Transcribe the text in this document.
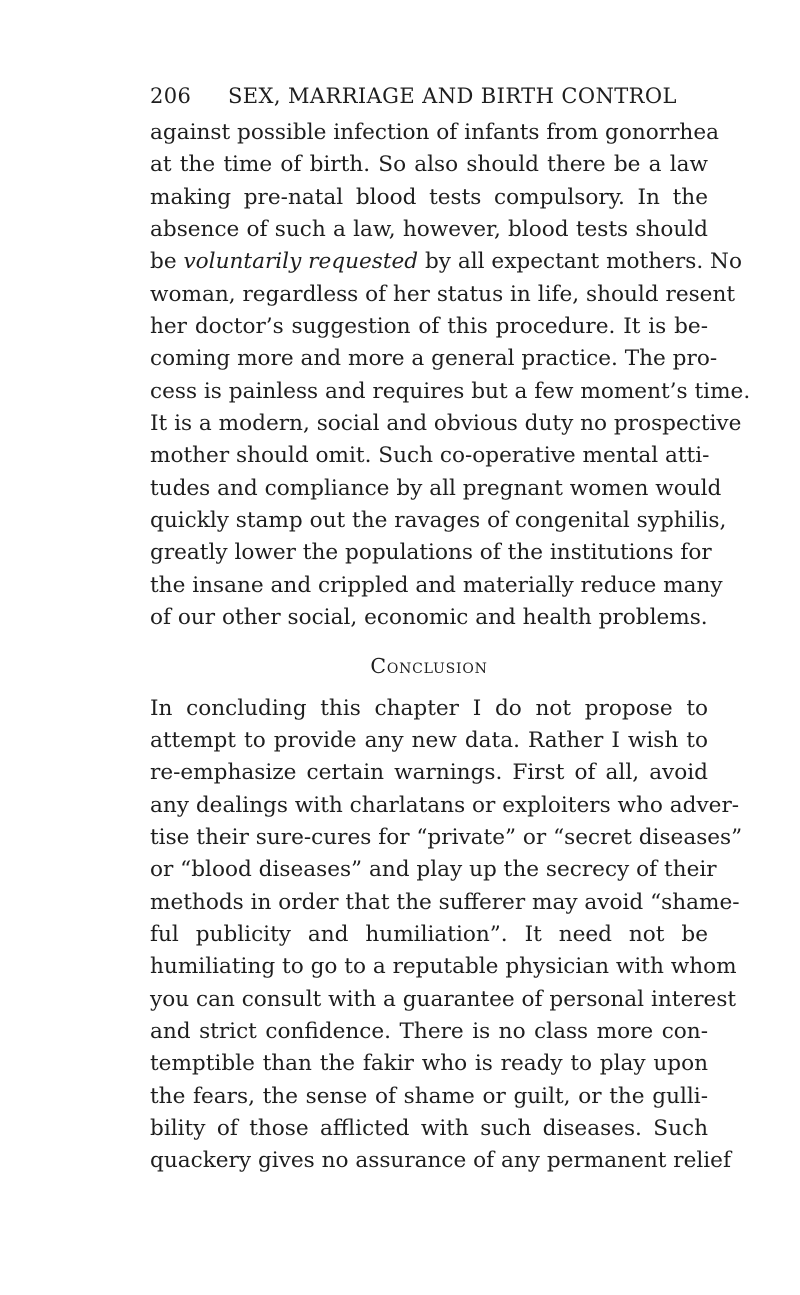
206	SEX, MARRIAGE AND BIRTH CONTROL
against possible infection of infants from gonorrhea
at the time of birth. So also should there be a law
making pre-natal blood tests compulsory. In the
absence of such a law, however, blood tests should
be voluntarily requested by all expectant mothers. No
woman, regardless of her status in life, should resent
her doctor’s suggestion of this procedure. It is be-
coming more and more a general practice. The pro-
cess is painless and requires but a few moment’s time.
It is a modern, social and obvious duty no prospective
mother should omit. Such co-operative mental atti-
tudes and compliance by all pregnant women would
quickly stamp out the ravages of congenital syphilis,
greatly lower the populations of the institutions for
the insane and crippled and materially reduce many
of our other social, economic and health problems.
Conclusion
In concluding this chapter I do not propose to
attempt to provide any new data. Rather I wish to
re-emphasize certain warnings. First of all, avoid
any dealings with charlatans or exploiters who adver-
tise their sure-cures for “private” or “secret diseases”
or “blood diseases” and play up the secrecy of their
methods in order that the sufferer may avoid “shame-
ful publicity and humiliation”. It need not be
humiliating to go to a reputable physician with whom
you can consult with a guarantee of personal interest
and strict confidence. There is no class more con-
temptible than the fakir who is ready to play upon
the fears, the sense of shame or guilt, or the gulli-
bility of those afflicted with such diseases. Such
quackery gives no assurance of any permanent relief
